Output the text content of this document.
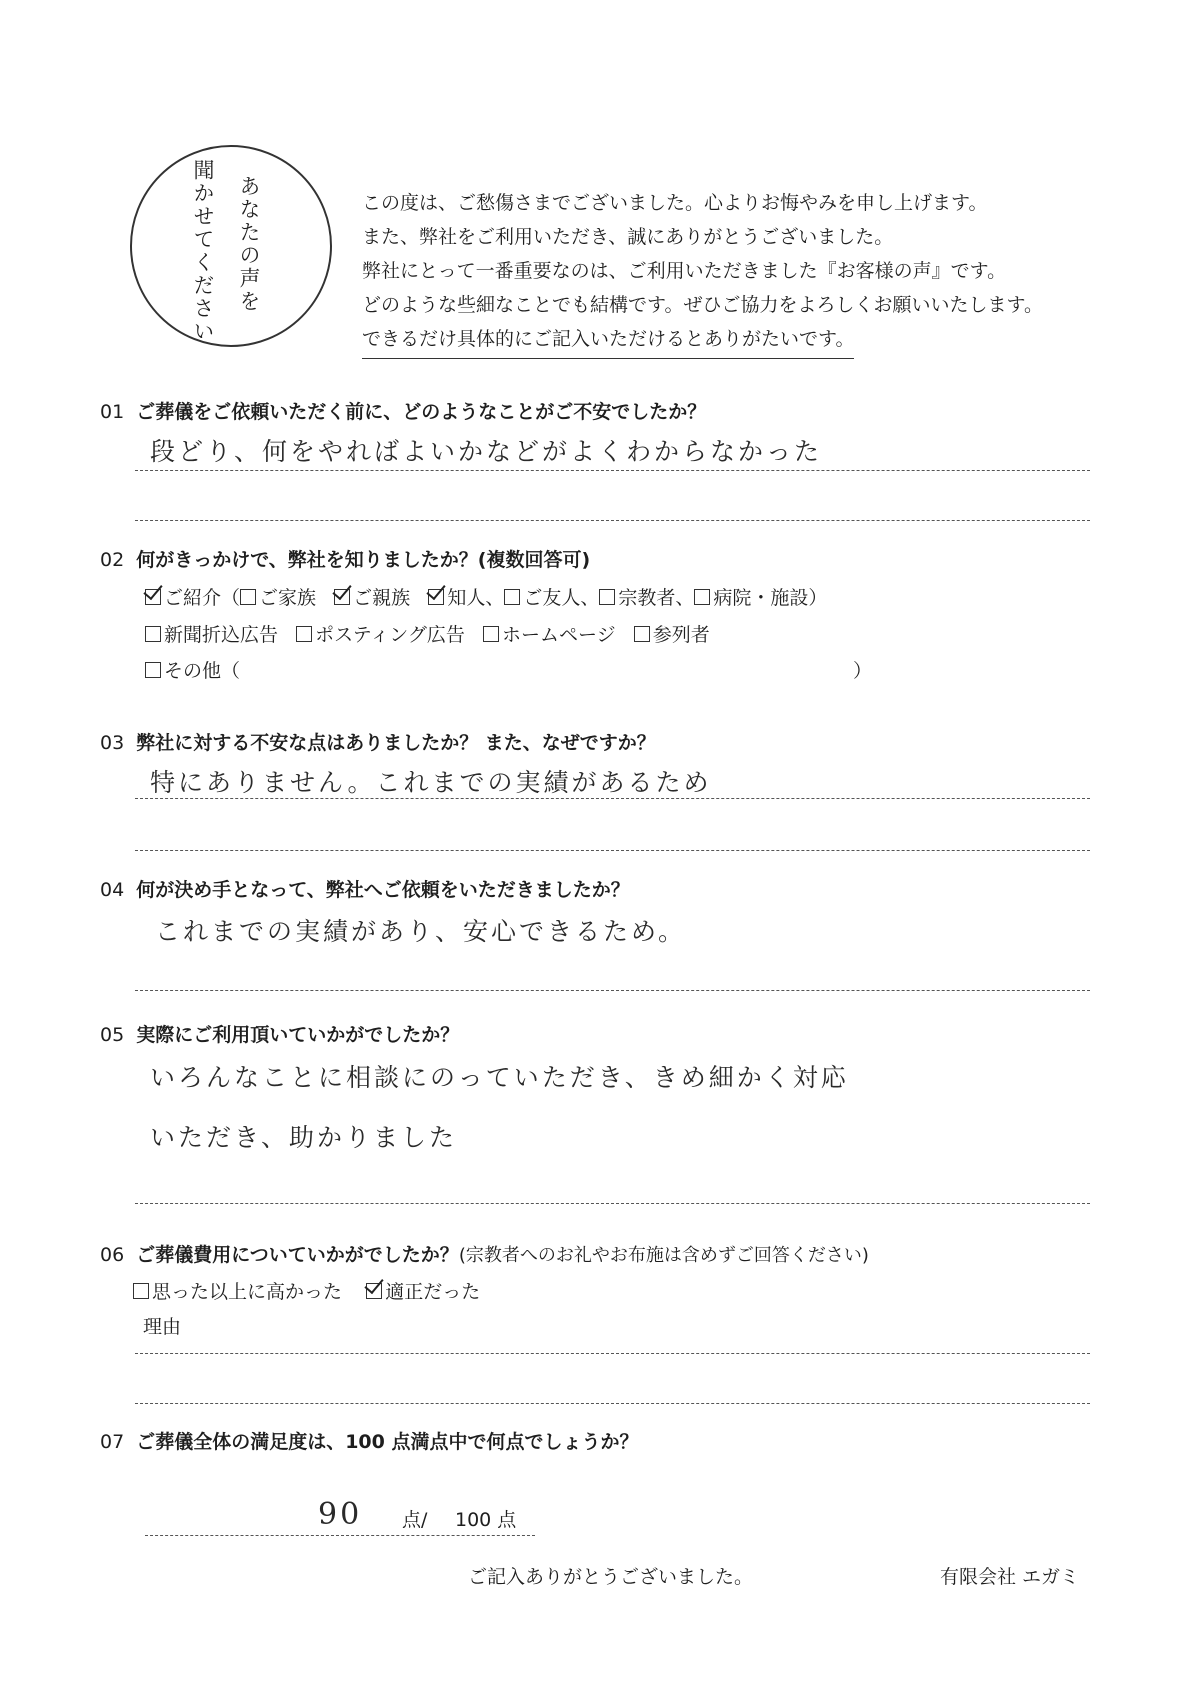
あなたの声を
聞かせてください	この度は、ご愁傷さまでございました。心よりお悔やみを申し上げます。
また、弊社をご利用いただき、誠にありがとうございました。
弊社にとって一番重要なのは、ご利用いただきました『お客様の声』です。
どのような些細なことでも結構です。ぜひご協力をよろしくお願いいたします。
できるだけ具体的にご記入いただけるとありがたいです。
01 ご葬儀をご依頼いただく前に、どのようなことがご不安でしたか？
段どり、何をやればよいかなどがよくわからなかった
02 何がきっかけで、弊社を知りましたか？(複数回答可)
ご紹介（ ご家族 ご親族 知人、 ご友人、 宗教者、 病院・施設）
新聞折込広告 ポスティング広告 ホームページ 参列者
その他（	）
03 弊社に対する不安な点はありましたか？ また、なぜですか？
特にありません。これまでの実績があるため
04 何が決め手となって、弊社へご依頼をいただきましたか？
これまでの実績があり、安心できるため。
05 実際にご利用頂いていかがでしたか？
いろんなことに相談にのっていただき、きめ細かく対応
いただき、助かりました
06 ご葬儀費用についていかがでしたか？(宗教者へのお礼やお布施は含めずご回答ください)
思った以上に高かった 適正だった
理由
07 ご葬儀全体の満足度は、100 点満点中で何点でしょうか？
90 点/ 100 点
ご記入ありがとうございました。	有限会社 エガミ
